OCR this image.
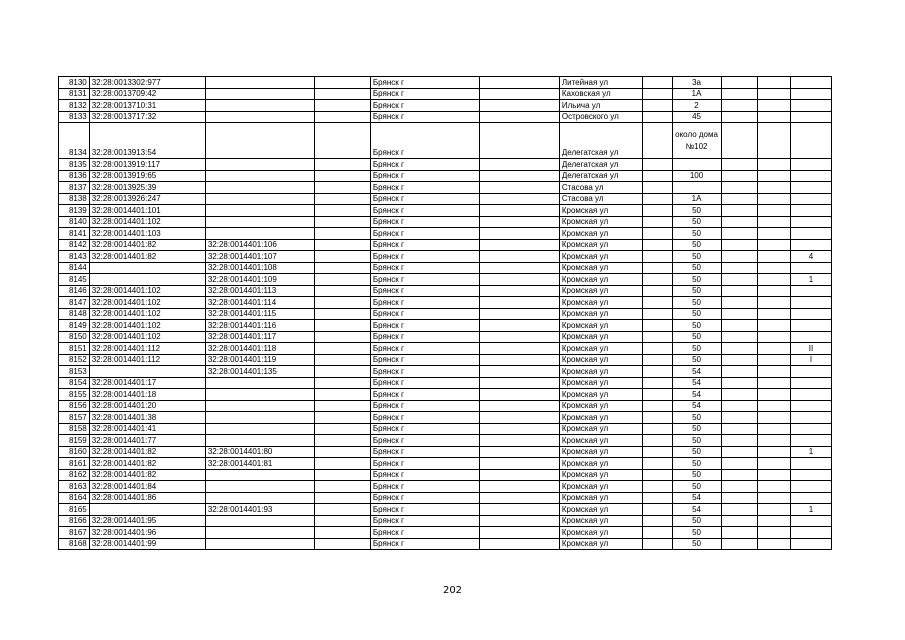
8130	32:28:0013302:977			Брянск г		Литейная ул		3а			
8131	32:28:0013709:42			Брянск г		Каховская ул		1А			
8132	32:28:0013710:31			Брянск г		Ильича ул		2			
8133	32:28:0013717:32			Брянск г		Островского ул		45			
8134	32:28:0013913:54			Брянск г		Делегатская ул		около дома №102			
8135	32:28:0013919:117			Брянск г		Делегатская ул					
8136	32:28:0013919:65			Брянск г		Делегатская ул		100			
8137	32:28:0013925:39			Брянск г		Стасова ул					
8138	32:28:0013926:247			Брянск г		Стасова ул		1А			
8139	32:28:0014401:101			Брянск г		Кромская ул		50			
8140	32:28:0014401:102			Брянск г		Кромская ул		50			
8141	32:28:0014401:103			Брянск г		Кромская ул		50			
8142	32:28:0014401:82	32:28:0014401:106		Брянск г		Кромская ул		50			
8143	32:28:0014401:82	32:28:0014401:107		Брянск г		Кромская ул		50			4
8144		32:28:0014401:108		Брянск г		Кромская ул		50			
8145		32:28:0014401:109		Брянск г		Кромская ул		50			1
8146	32:28:0014401:102	32:28:0014401:113		Брянск г		Кромская ул		50			
8147	32:28:0014401:102	32:28:0014401:114		Брянск г		Кромская ул		50			
8148	32:28:0014401:102	32:28:0014401:115		Брянск г		Кромская ул		50			
8149	32:28:0014401:102	32:28:0014401:116		Брянск г		Кромская ул		50			
8150	32:28:0014401:102	32:28:0014401:117		Брянск г		Кромская ул		50			
8151	32:28:0014401:112	32:28:0014401:118		Брянск г		Кромская ул		50			II
8152	32:28:0014401:112	32:28:0014401:119		Брянск г		Кромская ул		50			I
8153		32:28:0014401:135		Брянск г		Кромская ул		54			
8154	32:28:0014401:17			Брянск г		Кромская ул		54			
8155	32:28:0014401:18			Брянск г		Кромская ул		54			
8156	32:28:0014401:20			Брянск г		Кромская ул		54			
8157	32:28:0014401:38			Брянск г		Кромская ул		50			
8158	32:28:0014401:41			Брянск г		Кромская ул		50			
8159	32:28:0014401:77			Брянск г		Кромская ул		50			
8160	32:28:0014401:82	32:28:0014401:80		Брянск г		Кромская ул		50			1
8161	32:28:0014401:82	32:28:0014401:81		Брянск г		Кромская ул		50			
8162	32:28:0014401:82			Брянск г		Кромская ул		50			
8163	32:28:0014401:84			Брянск г		Кромская ул		50			
8164	32:28:0014401:86			Брянск г		Кромская ул		54			
8165		32:28:0014401:93		Брянск г		Кромская ул		54			1
8166	32:28:0014401:95			Брянск г		Кромская ул		50			
8167	32:28:0014401:96			Брянск г		Кромская ул		50			
8168	32:28:0014401:99			Брянск г		Кромская ул		50			
202
